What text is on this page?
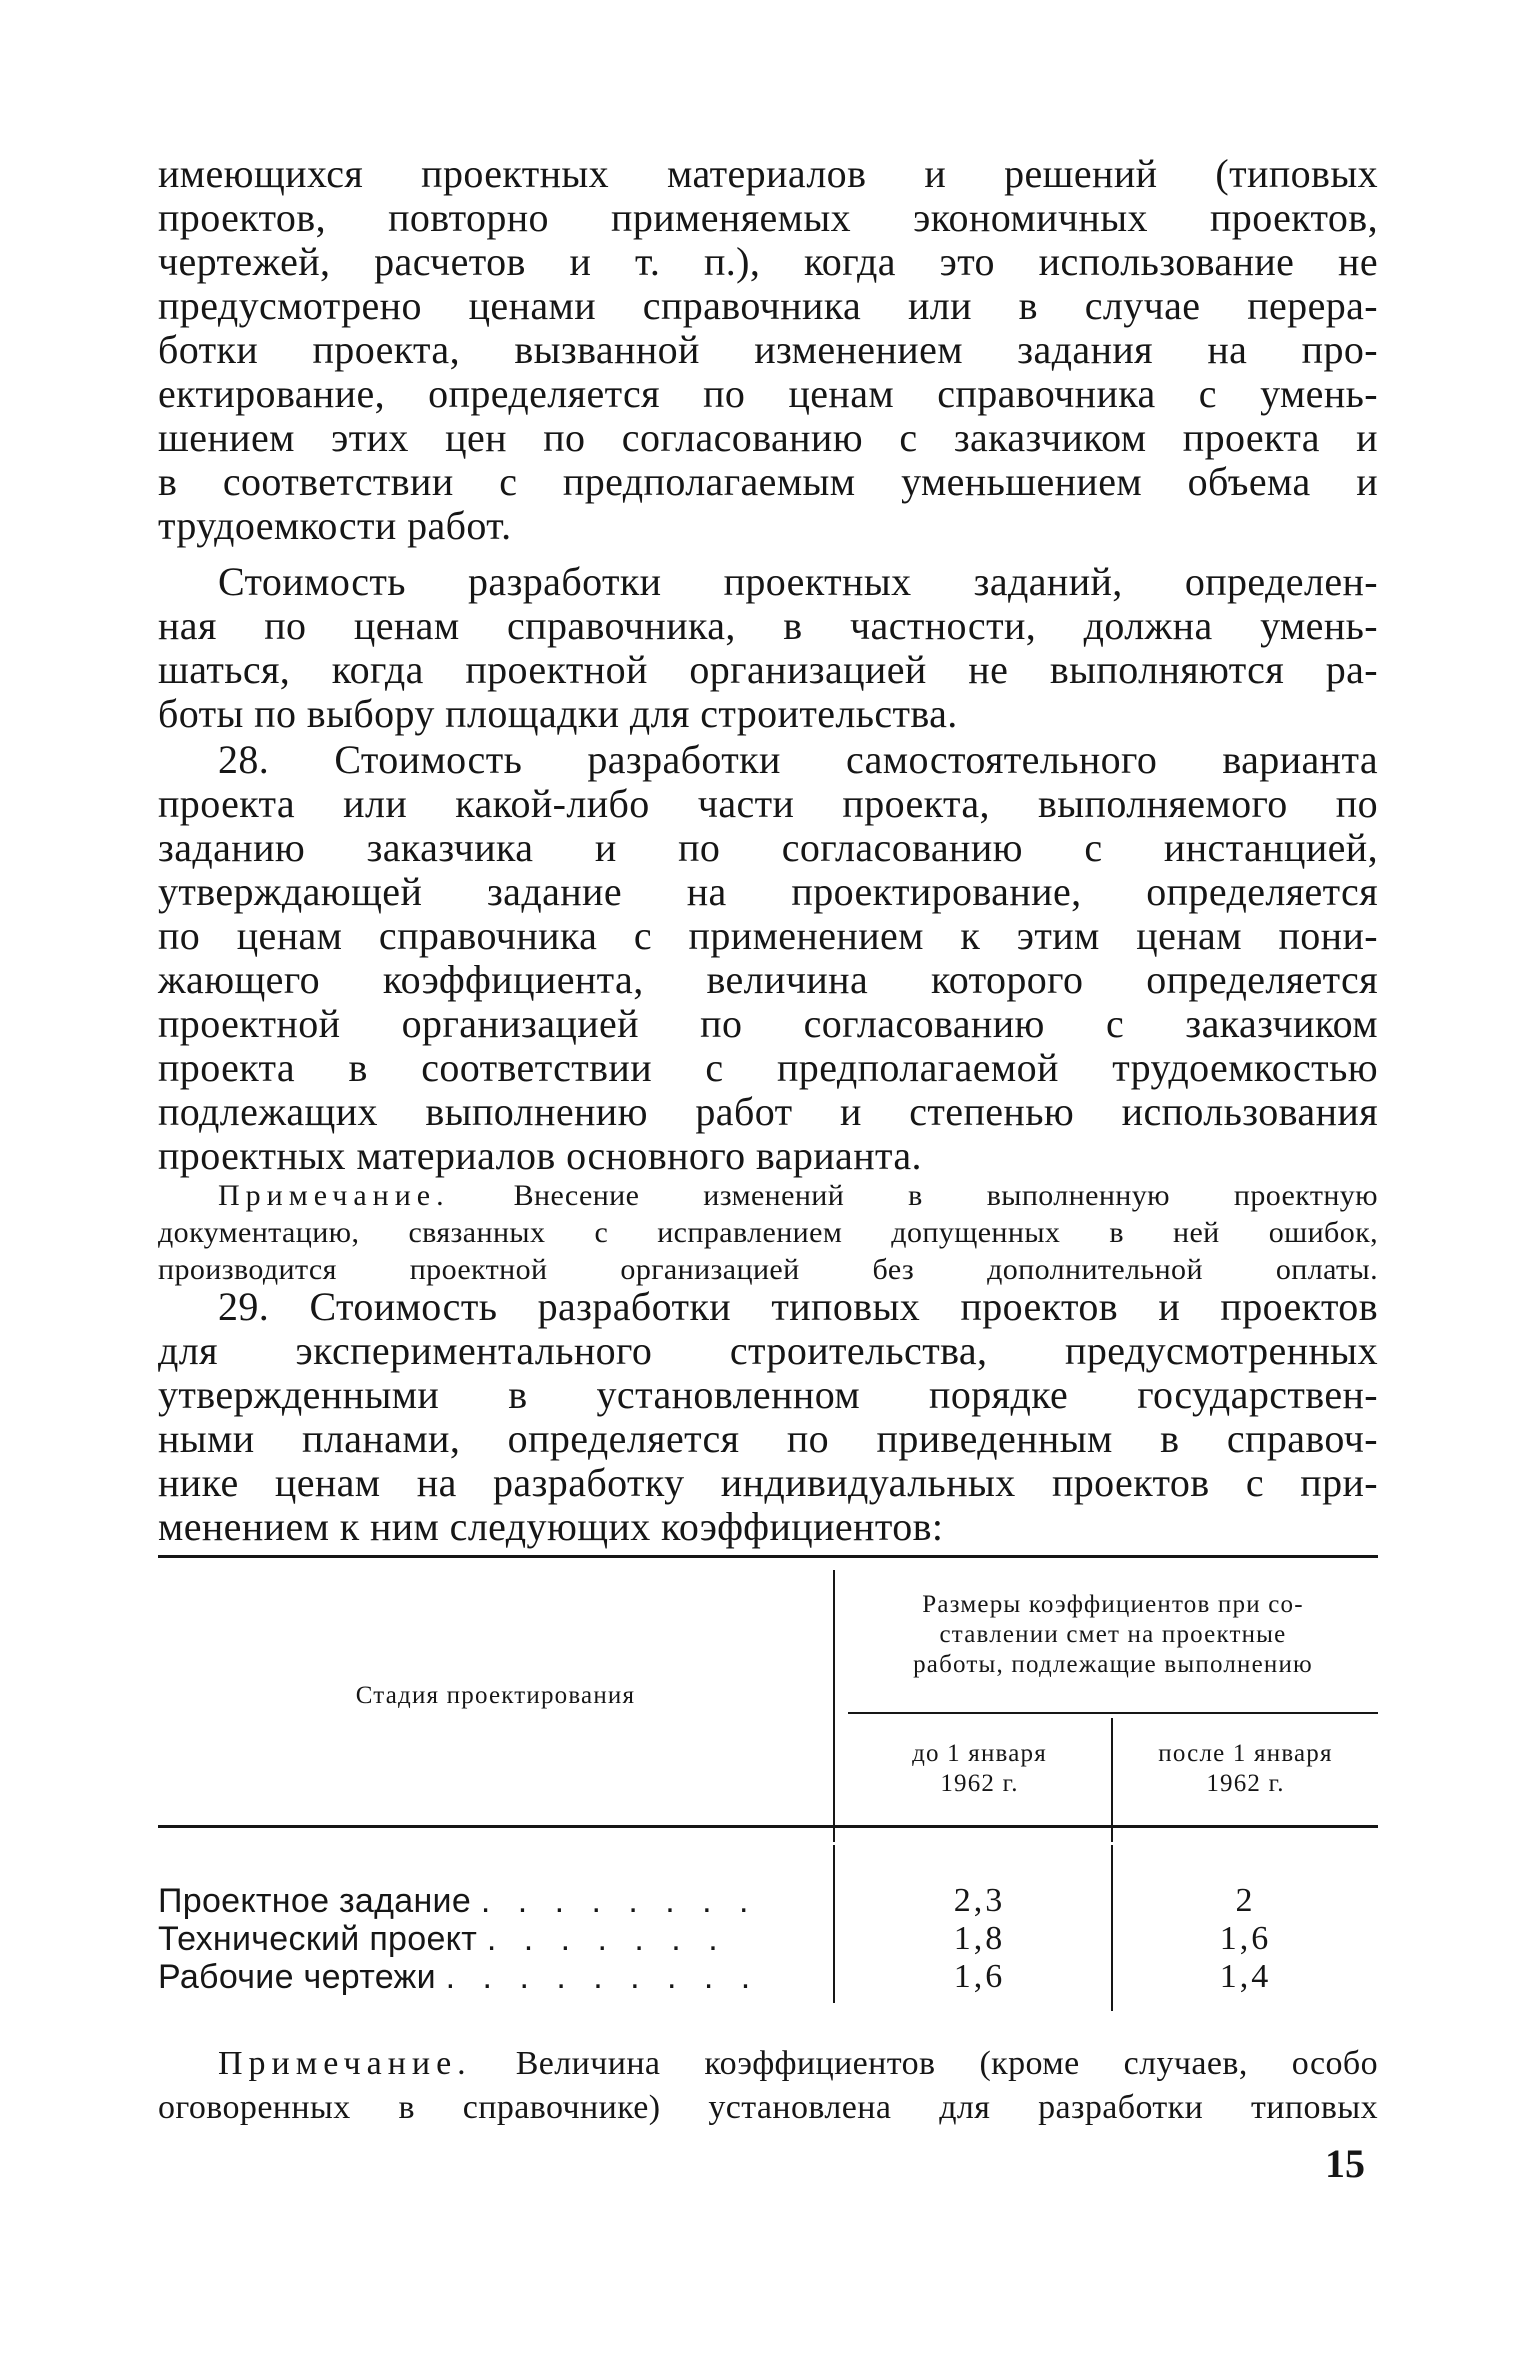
имеющихся проектных материалов и решений (типовых
проектов, повторно применяемых экономичных проектов,
чертежей, расчетов и т. п.), когда это использование не
предусмотрено ценами справочника или в случае перера-
ботки проекта, вызванной изменением задания на про-
ектирование, определяется по ценам справочника с умень-
шением этих цен по согласованию с заказчиком проекта и
в соответствии с предполагаемым уменьшением объема и
трудоемкости работ.
Стоимость разработки проектных заданий, определен-
ная по ценам справочника, в частности, должна умень-
шаться, когда проектной организацией не выполняются ра-
боты по выбору площадки для строительства.
28. Стоимость разработки самостоятельного варианта
проекта или какой-либо части проекта, выполняемого по
заданию заказчика и по согласованию с инстанцией,
утверждающей задание на проектирование, определяется
по ценам справочника с применением к этим ценам пони-
жающего коэффициента, величина которого определяется
проектной организацией по согласованию с заказчиком
проекта в соответствии с предполагаемой трудоемкостью
подлежащих выполнению работ и степенью использования
проектных материалов основного варианта.
Примечание. Внесение изменений в выполненную проектную
документацию, связанных с исправлением допущенных в ней ошибок,
производится проектной организацией без дополнительной оплаты.
29. Стоимость разработки типовых проектов и проектов
для экспериментального строительства, предусмотренных
утвержденными в установленном порядке государствен-
ными планами, определяется по приведенным в справоч-
нике ценам на разработку индивидуальных проектов с при-
менением к ним следующих коэффициентов:
Стадия проектирования
Размеры коэффициентов при со-
ставлении смет на проектные
работы, подлежащие выполнению
до 1 января
1962 г.
после 1 января
1962 г.
Проектное задание . . . . . . . .	2,3	2
Технический проект . . . . . . .	1,8	1,6
Рабочие чертежи . . . . . . . . .	1,6	1,4
Примечание. Величина коэффициентов (кроме случаев, особо
оговоренных в справочнике) установлена для разработки типовых
15
